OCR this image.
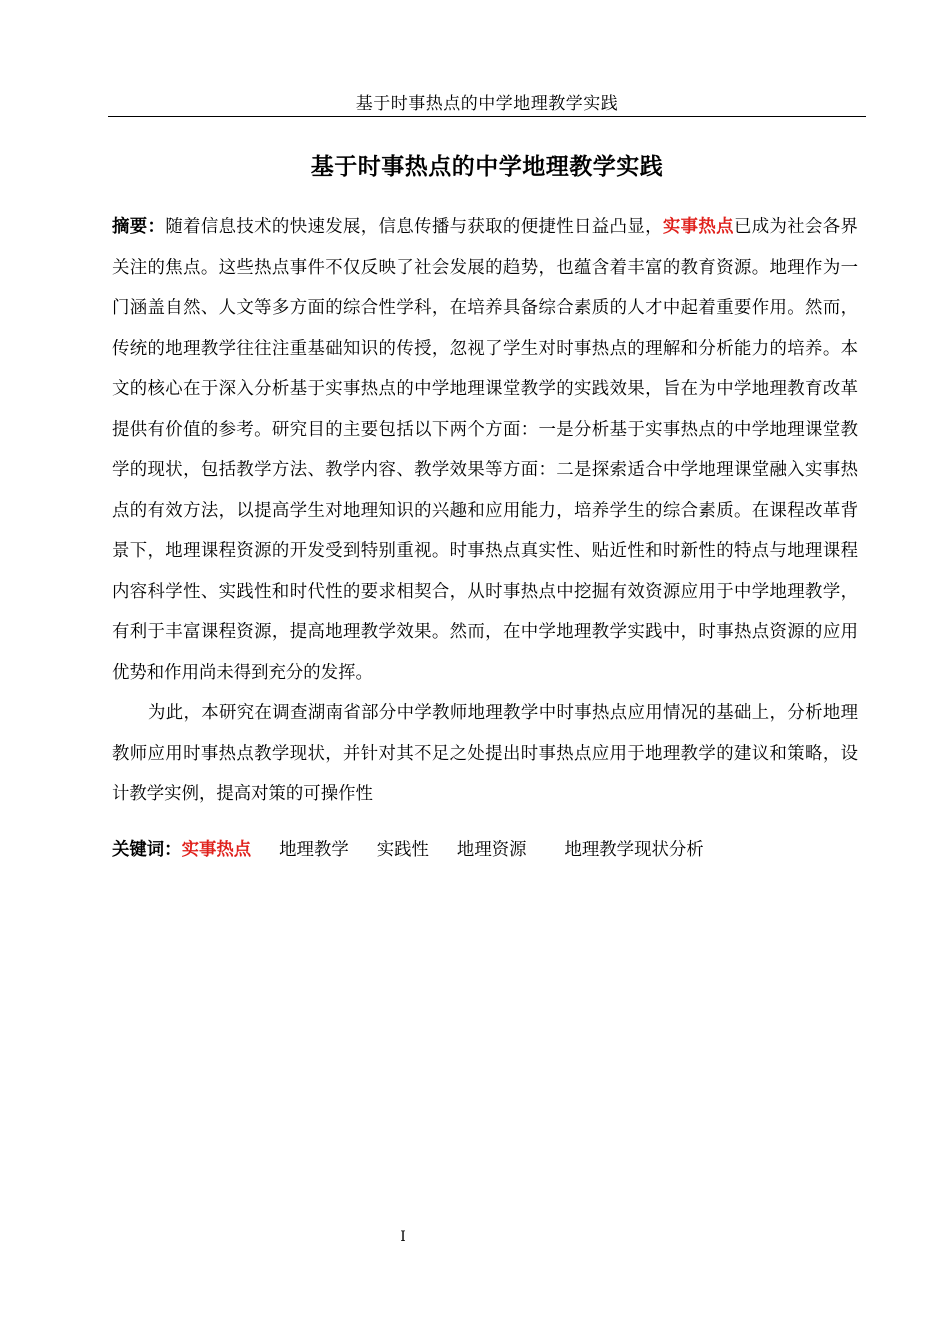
基于时事热点的中学地理教学实践
基于时事热点的中学地理教学实践

摘要：随着信息技术的快速发展，信息传播与获取的便捷性日益凸显，实事热点已成为社会各界关注的焦点。这些热点事件不仅反映了社会发展的趋势，也蕴含着丰富的教育资源。地理作为一门涵盖自然、人文等多方面的综合性学科，在培养具备综合素质的人才中起着重要作用。然而，传统的地理教学往往注重基础知识的传授，忽视了学生对时事热点的理解和分析能力的培养。本文的核心在于深入分析基于实事热点的中学地理课堂教学的实践效果，旨在为中学地理教育改革提供有价值的参考。研究目的主要包括以下两个方面：一是分析基于实事热点的中学地理课堂教学的现状，包括教学方法、教学内容、教学效果等方面：二是探索适合中学地理课堂融入实事热点的有效方法，以提高学生对地理知识的兴趣和应用能力，培养学生的综合素质。在课程改革背景下，地理课程资源的开发受到特别重视。时事热点真实性、贴近性和时新性的特点与地理课程内容科学性、实践性和时代性的要求相契合，从时事热点中挖掘有效资源应用于中学地理教学，有利于丰富课程资源，提高地理教学效果。然而，在中学地理教学实践中，时事热点资源的应用优势和作用尚未得到充分的发挥。

为此，本研究在调查湖南省部分中学教师地理教学中时事热点应用情况的基础上，分析地理教师应用时事热点教学现状，并针对其不足之处提出时事热点应用于地理教学的建议和策略，设计教学实例，提高对策的可操作性

关键词：实事热点 地理教学 实践性 地理资源 地理教学现状分析
I
